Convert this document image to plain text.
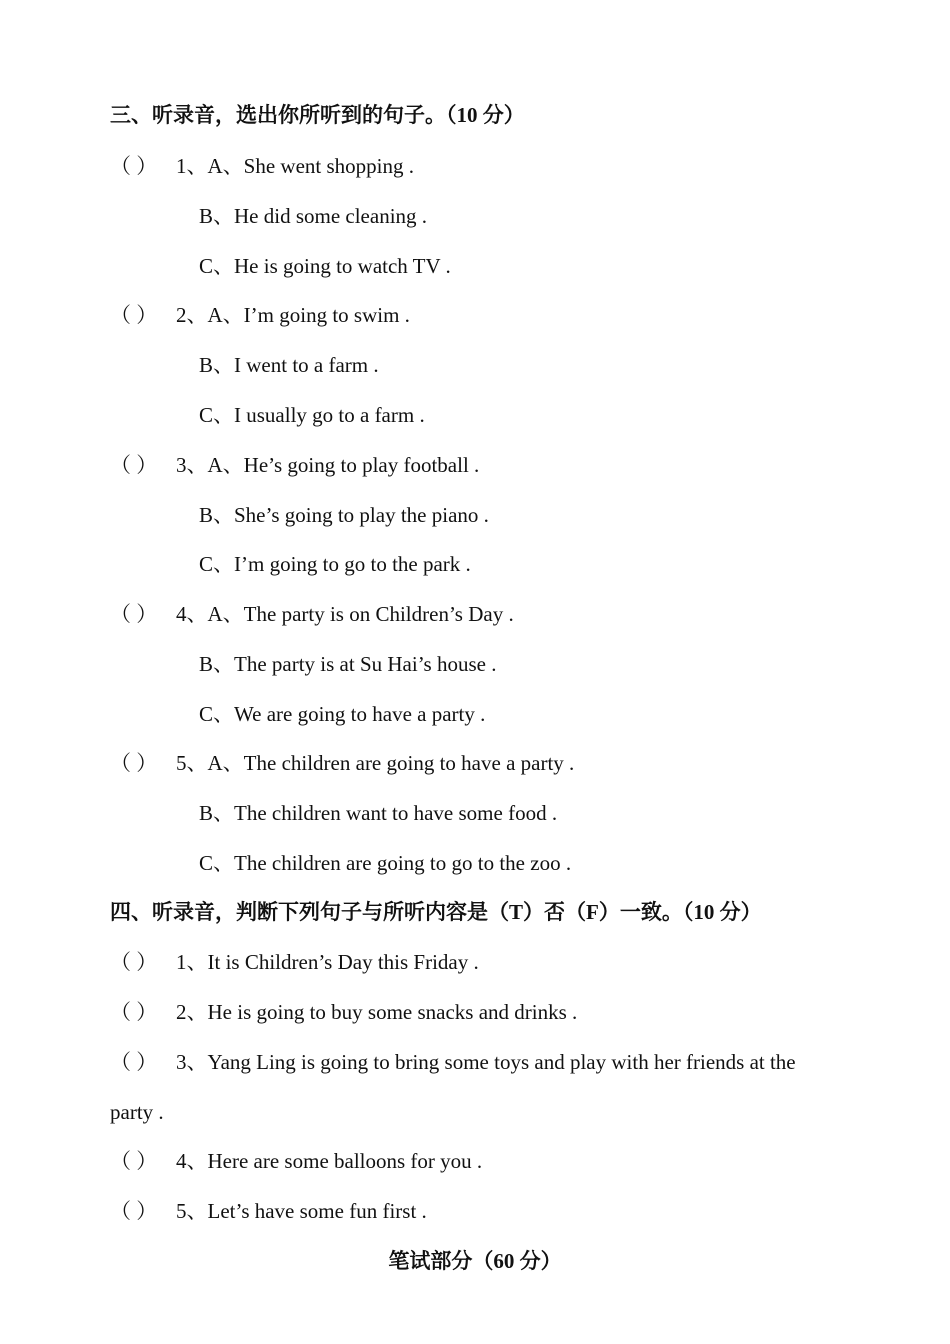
三、听录音，选出你所听到的句子。（10 分）
（ ） 1、A、She went shopping .
B、He did some cleaning .
C、He is going to watch TV .
（ ） 2、A、I’m going to swim .
B、I went to a farm .
C、I usually go to a farm .
（ ） 3、A、He’s going to play football .
B、She’s going to play the piano .
C、I’m going to go to the park .
（ ） 4、A、The party is on Children’s Day .
B、The party is at Su Hai’s house .
C、We are going to have a party .
（ ） 5、A、The children are going to have a party .
B、The children want to have some food .
C、The children are going to go to the zoo .
四、听录音，判断下列句子与所听内容是（T）否（F）一致。（10 分）
（ ） 1、It is Children’s Day this Friday .
（ ） 2、He is going to buy some snacks and drinks .
（ ） 3、Yang Ling is going to bring some toys and play with her friends at the
party .
（ ） 4、Here are some balloons for you .
（ ） 5、Let’s have some fun first .
笔试部分（60 分）
